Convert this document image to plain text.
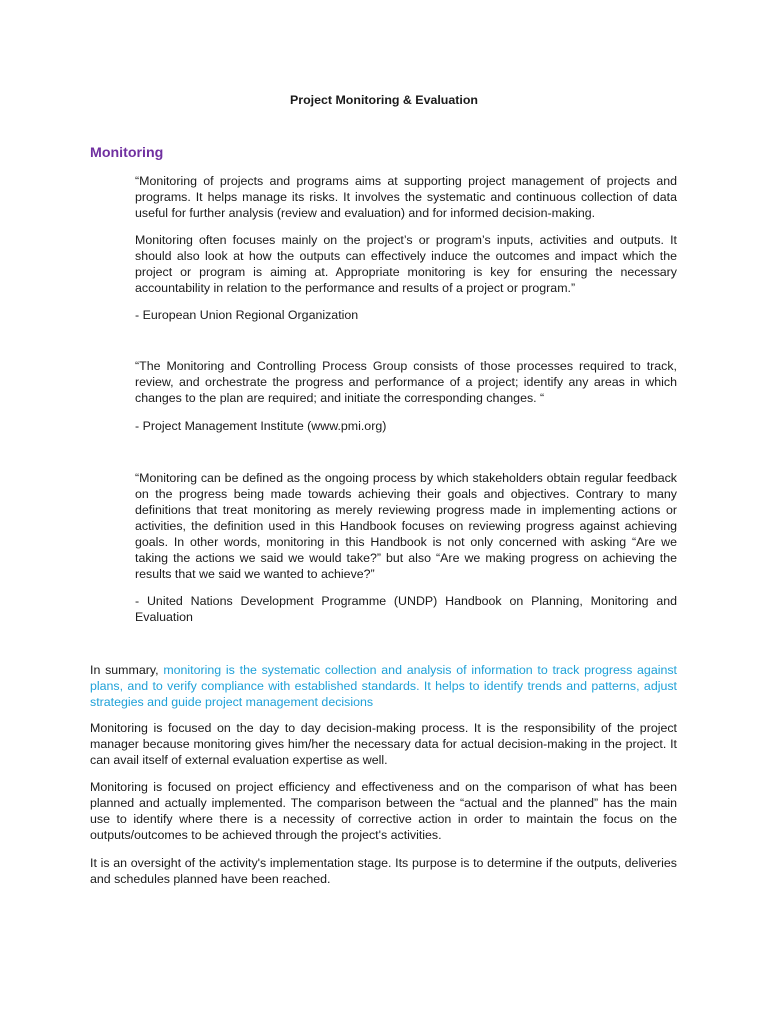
Project Monitoring & Evaluation
Monitoring

“Monitoring of projects and programs aims at supporting project management of projects and programs. It helps manage its risks. It involves the systematic and continuous collection of data useful for further analysis (review and evaluation) and for informed decision-making.

Monitoring often focuses mainly on the project’s or program’s inputs, activities and outputs. It should also look at how the outputs can effectively induce the outcomes and impact which the project or program is aiming at. Appropriate monitoring is key for ensuring the necessary accountability in relation to the performance and results of a project or program.”

- European Union Regional Organization

“The Monitoring and Controlling Process Group consists of those processes required to track, review, and orchestrate the progress and performance of a project; identify any areas in which changes to the plan are required; and initiate the corresponding changes. “

- Project Management Institute (www.pmi.org)

“Monitoring can be defined as the ongoing process by which stakeholders obtain regular feedback on the progress being made towards achieving their goals and objectives. Contrary to many definitions that treat monitoring as merely reviewing progress made in implementing actions or activities, the definition used in this Handbook focuses on reviewing progress against achieving goals. In other words, monitoring in this Handbook is not only concerned with asking “Are we taking the actions we said we would take?” but also “Are we making progress on achieving the results that we said we wanted to achieve?”

- United Nations Development Programme (UNDP) Handbook on Planning, Monitoring and Evaluation

In summary, monitoring is the systematic collection and analysis of information to track progress against plans, and to verify compliance with established standards. It helps to identify trends and patterns, adjust strategies and guide project management decisions

Monitoring is focused on the day to day decision-making process. It is the responsibility of the project manager because monitoring gives him/her the necessary data for actual decision-making in the project. It can avail itself of external evaluation expertise as well.

Monitoring is focused on project efficiency and effectiveness and on the comparison of what has been planned and actually implemented. The comparison between the “actual and the planned” has the main use to identify where there is a necessity of corrective action in order to maintain the focus on the outputs/outcomes to be achieved through the project's activities.

It is an oversight of the activity's implementation stage. Its purpose is to determine if the outputs, deliveries and schedules planned have been reached.
